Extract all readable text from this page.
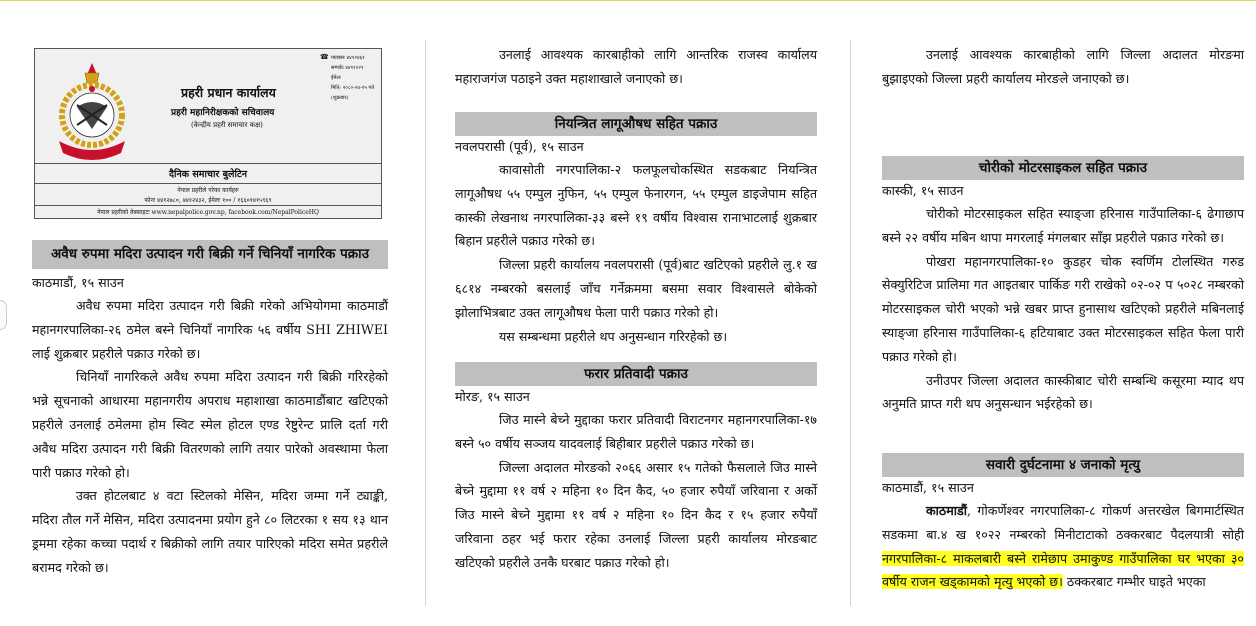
☎ फ्याक्सः ४४१२४६१
सम्पर्कः ४४११२२१
ईमेलः
मिति: २०८०-०४-१५ गते
(शुक्रबार)
प्रहरी प्रधान कार्यालय
प्रहरी महानिरीक्षकको सचिवालय
(केन्द्रीय प्रहरी समाचार कक्ष)
दैनिक समाचार बुलेटिन
नेपाल प्रहरीले गरेका कार्यहरु
फोनः ४४१२७८०, ४४१२४३२, ईमेलः १०० / १६६०१४१५९६९
नेपाल प्रहरीको वेबसाइटः www.nepalpolice.gov.np, facebook.com/NepalPoliceHQ

अवैध रुपमा मदिरा उत्पादन गरी बिक्री गर्ने चिनियाँ नागरिक पक्राउ

काठमाडौं, १५ साउन

अवैध रुपमा मदिरा उत्पादन गरी बिक्री गरेको अभियोगमा काठमाडौं महानगरपालिका-२६ ठमेल बस्ने चिनियाँ नागरिक ५६ वर्षीय SHI ZHIWEI लाई शुक्रबार प्रहरीले पक्राउ गरेको छ।

चिनियाँ नागरिकले अवैध रुपमा मदिरा उत्पादन गरी बिक्री गरिरहेको भन्ने सूचनाको आधारमा महानगरीय अपराध महाशाखा काठमाडौंबाट खटिएको प्रहरीले उनलाई ठमेलमा होम स्विट स्मेल होटल एण्ड रेष्टुरेन्ट प्रालि दर्ता गरी अवैध मदिरा उत्पादन गरी बिक्री वितरणको लागि तयार पारेको अवस्थामा फेला पारी पक्राउ गरेको हो।

उक्त होटलबाट ४ वटा स्टिलको मेसिन, मदिरा जम्मा गर्ने ट्याङ्की, मदिरा तौल गर्ने मेसिन, मदिरा उत्पादनमा प्रयोग हुने ८० लिटरका १ सय १३ थान ड्रममा रहेका कच्चा पदार्थ र बिक्रीको लागि तयार पारिएको मदिरा समेत प्रहरीले बरामद गरेको छ।

उनलाई आवश्यक कारबाहीको लागि आन्तरिक राजस्व कार्यालय महाराजगंज पठाइने उक्त महाशाखाले जनाएको छ।

नियन्त्रित लागूऔषध सहित पक्राउ

नवलपरासी (पूर्व), १५ साउन

कावासोती नगरपालिका-२ फलफूलचोकस्थित सडकबाट नियन्त्रित लागूऔषध ५५ एम्पुल नुफिन, ५५ एम्पुल फेनारगन, ५५ एम्पुल डाइजेपाम सहित कास्की लेखनाथ नगरपालिका-३३ बस्ने १९ वर्षीय विश्वास रानाभाटलाई शुक्रबार बिहान प्रहरीले पक्राउ गरेको छ।

जिल्ला प्रहरी कार्यालय नवलपरासी (पूर्व)बाट खटिएको प्रहरीले लु.१ ख ६८१४ नम्बरको बसलाई जाँच गर्नेक्रममा बसमा सवार विश्वासले बोकेको झोलाभित्रबाट उक्त लागूऔषध फेला पारी पक्राउ गरेको हो।

यस सम्बन्धमा प्रहरीले थप अनुसन्धान गरिरहेको छ।

फरार प्रतिवादी पक्राउ

मोरङ, १५ साउन

जिउ मास्ने बेच्ने मुद्दाका फरार प्रतिवादी विराटनगर महानगरपालिका-१७ बस्ने ५० वर्षीय सञ्जय यादवलाई बिहीबार प्रहरीले पक्राउ गरेको छ।

जिल्ला अदालत मोरङको २०६६ असार १५ गतेको फैसलाले जिउ मास्ने बेच्ने मुद्दामा ११ वर्ष २ महिना १० दिन कैद, ५० हजार रुपैयाँ जरिवाना र अर्को जिउ मास्ने बेच्ने मुद्दामा ११ वर्ष २ महिना १० दिन कैद र १५ हजार रुपैयाँ जरिवाना ठहर भई फरार रहेका उनलाई जिल्ला प्रहरी कार्यालय मोरङबाट खटिएको प्रहरीले उनकै घरबाट पक्राउ गरेको हो।

उनलाई आवश्यक कारबाहीको लागि जिल्ला अदालत मोरङमा बुझाइएको जिल्ला प्रहरी कार्यालय मोरङले जनाएको छ।

चोरीको मोटरसाइकल सहित पक्राउ

कास्की, १५ साउन

चोरीको मोटरसाइकल सहित स्याङ्जा हरिनास गाउँपालिका-६ ढेगाछाप बस्ने २२ वर्षीय मबिन थापा मगरलाई मंगलबार साँझ प्रहरीले पक्राउ गरेको छ।

पोखरा महानगरपालिका-१० कुडहर चोक स्वर्णिम टोलस्थित गरुड सेक्युरिटिज प्रालिमा गत आइतबार पार्किङ गरी राखेको ०२-०२ प ५०२८ नम्बरको मोटरसाइकल चोरी भएको भन्ने खबर प्राप्त हुनासाथ खटिएको प्रहरीले मबिनलाई स्याङ्जा हरिनास गाउँपालिका-६ हटियाबाट उक्त मोटरसाइकल सहित फेला पारी पक्राउ गरेको हो।

उनीउपर जिल्ला अदालत कास्कीबाट चोरी सम्बन्धि कसूरमा म्याद थप अनुमति प्राप्त गरी थप अनुसन्धान भईरहेको छ।

सवारी दुर्घटनामा ४ जनाको मृत्यु

काठमाडौं, १५ साउन

काठमाडौं, गोकर्णेश्वर नगरपालिका-८ गोकर्ण अत्तरखेल बिगमार्टस्थित सडकमा बा.४ ख १०२२ नम्बरको मिनीटाटाको ठक्करबाट पैदलयात्री सोही नगरपालिका-८ माकलबारी बस्ने रामेछाप उमाकुण्ड गाउँपालिका घर भएका ३० वर्षीय राजन खड्कामको मृत्यु भएको छ। ठक्करबाट गम्भीर घाइते भएका
